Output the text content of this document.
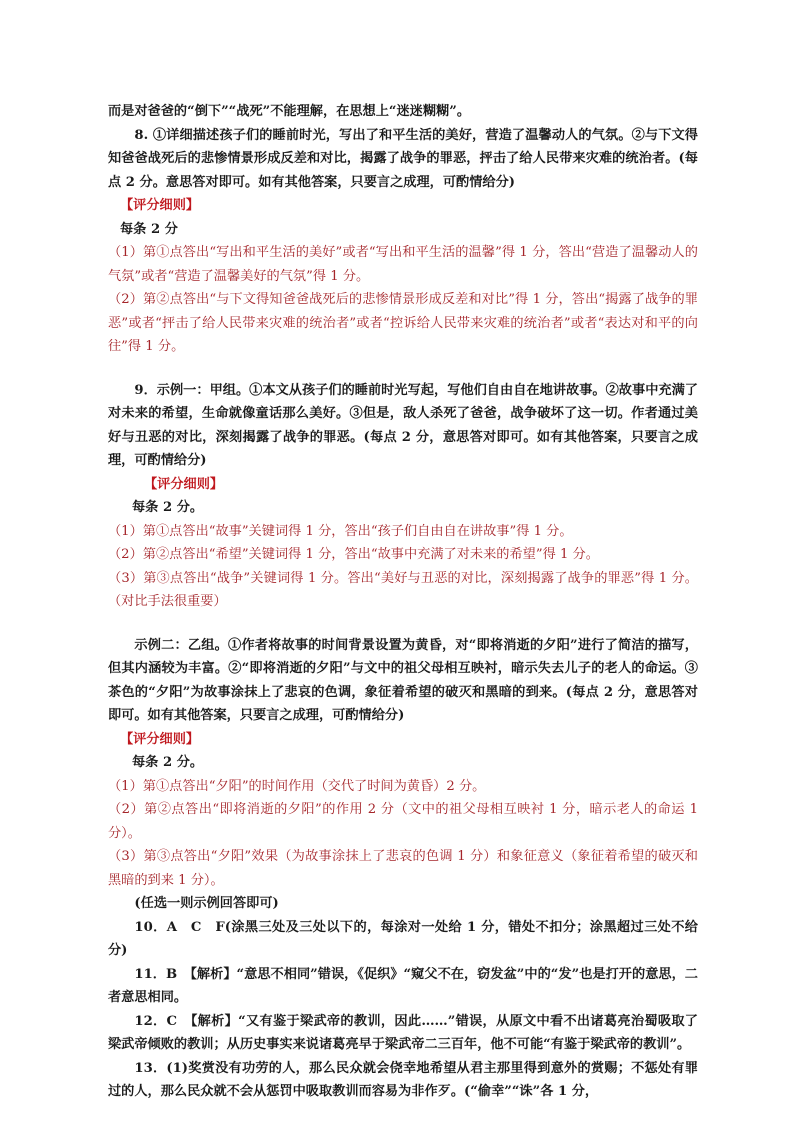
而是对爸爸的“倒下”“战死”不能理解，在思想上“迷迷糊糊”。

8. ①详细描述孩子们的睡前时光，写出了和平生活的美好，营造了温馨动人的气氛。②与下文得知爸爸战死后的悲惨情景形成反差和对比，揭露了战争的罪恶，抨击了给人民带来灾难的统治者。(每点 2 分。意思答对即可。如有其他答案，只要言之成理，可酌情给分)

【评分细则】

每条 2 分

（1）第①点答出“写出和平生活的美好”或者“写出和平生活的温馨”得 1 分，答出“营造了温馨动人的气氛”或者“营造了温馨美好的气氛”得 1 分。

（2）第②点答出“与下文得知爸爸战死后的悲惨情景形成反差和对比”得 1 分，答出“揭露了战争的罪恶”或者“抨击了给人民带来灾难的统治者”或者“控诉给人民带来灾难的统治者”或者“表达对和平的向往”得 1 分。

9．示例一：甲组。①本文从孩子们的睡前时光写起，写他们自由自在地讲故事。②故事中充满了对未来的希望，生命就像童话那么美好。③但是，敌人杀死了爸爸，战争破坏了这一切。作者通过美好与丑恶的对比，深刻揭露了战争的罪恶。(每点 2 分，意思答对即可。如有其他答案，只要言之成理，可酌情给分)

【评分细则】

每条 2 分。

（1）第①点答出“故事”关键词得 1 分，答出“孩子们自由自在讲故事”得 1 分。

（2）第②点答出“希望”关键词得 1 分，答出“故事中充满了对未来的希望”得 1 分。

（3）第③点答出“战争”关键词得 1 分。答出“美好与丑恶的对比，深刻揭露了战争的罪恶”得 1 分。（对比手法很重要）

示例二：乙组。①作者将故事的时间背景设置为黄昏，对“即将消逝的夕阳”进行了简洁的描写，但其内涵较为丰富。②“即将消逝的夕阳”与文中的祖父母相互映衬，暗示失去儿子的老人的命运。③茶色的“夕阳”为故事涂抹上了悲哀的色调，象征着希望的破灭和黑暗的到来。(每点 2 分，意思答对即可。如有其他答案，只要言之成理，可酌情给分)

【评分细则】

每条 2 分。

（1）第①点答出“夕阳”的时间作用（交代了时间为黄昏）2 分。

（2）第②点答出“即将消逝的夕阳”的作用 2 分（文中的祖父母相互映衬 1 分，暗示老人的命运 1 分）。

（3）第③点答出“夕阳”效果（为故事涂抹上了悲哀的色调 1 分）和象征意义（象征着希望的破灭和黑暗的到来 1 分）。

(任选一则示例回答即可)

10．A　C　F(涂黑三处及三处以下的，每涂对一处给 1 分，错处不扣分；涂黑超过三处不给分)

11．B　【解析】“意思不相同”错误，《促织》“窥父不在，窃发盆”中的“发”也是打开的意思，二者意思相同。

12．C　【解析】“又有鉴于梁武帝的教训，因此……”错误，从原文中看不出诸葛亮治蜀吸取了梁武帝倾败的教训；从历史事实来说诸葛亮早于梁武帝二三百年，他不可能“有鉴于梁武帝的教训”。

13．(1)奖赏没有功劳的人，那么民众就会侥幸地希望从君主那里得到意外的赏赐；不惩处有罪过的人，那么民众就不会从惩罚中吸取教训而容易为非作歹。(“偷幸”“诛”各 1 分，
